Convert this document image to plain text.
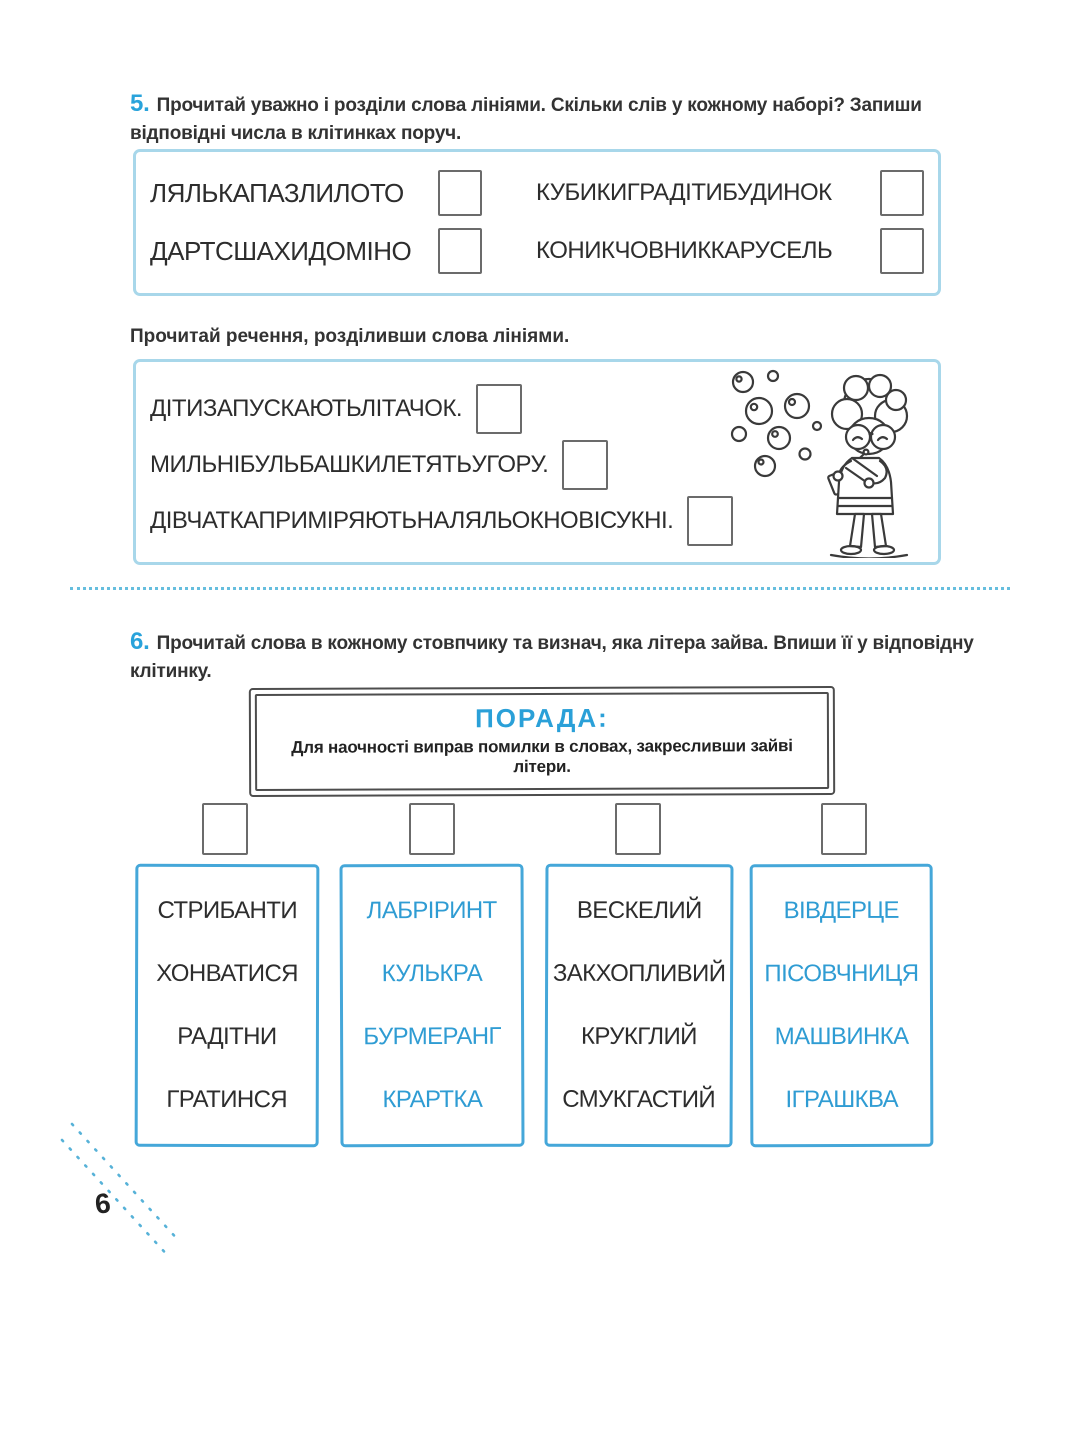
5. Прочитай уважно і розділи слова лініями. Скільки слів у кожному наборі? Запиши відповідні числа в клітинках поруч.

ЛЯЛЬКАПАЗЛИЛОТО	КУБИКИГРАДІТИБУДИНОК
ДАРТСШАХИДОМІНО	КОНИКЧОВНИККАРУСЕЛЬ

Прочитай речення, розділивши слова лініями.

ДІТИЗАПУСКАЮТЬЛІТАЧОК.
МИЛЬНІБУЛЬБАШКИЛЕТЯТЬУГОРУ.
ДІВЧАТКАПРИМІРЯЮТЬНАЛЯЛЬОКНОВІСУКНІ.

6. Прочитай слова в кожному стовпчику та визнач, яка літера зайва. Впиши її у відповідну клітинку.

ПОРАДА:
Для наочності виправ помилки в словах, закресливши зайві літери.
СТРИБАНТИ
ХОНВАТИСЯ
РАДІТНИ
ГРАТИНСЯ
ЛАБРІРИНТ
КУЛЬКРА
БУРМЕРАНГ
КРАРТКА
ВЕСКЕЛИЙ
ЗАКХОПЛИВИЙ
КРУКГЛИЙ
СМУКГАСТИЙ
ВІВДЕРЦЕ
ПІСОВЧНИЦЯ
МАШВИНКА
ІГРАШКВА
6
